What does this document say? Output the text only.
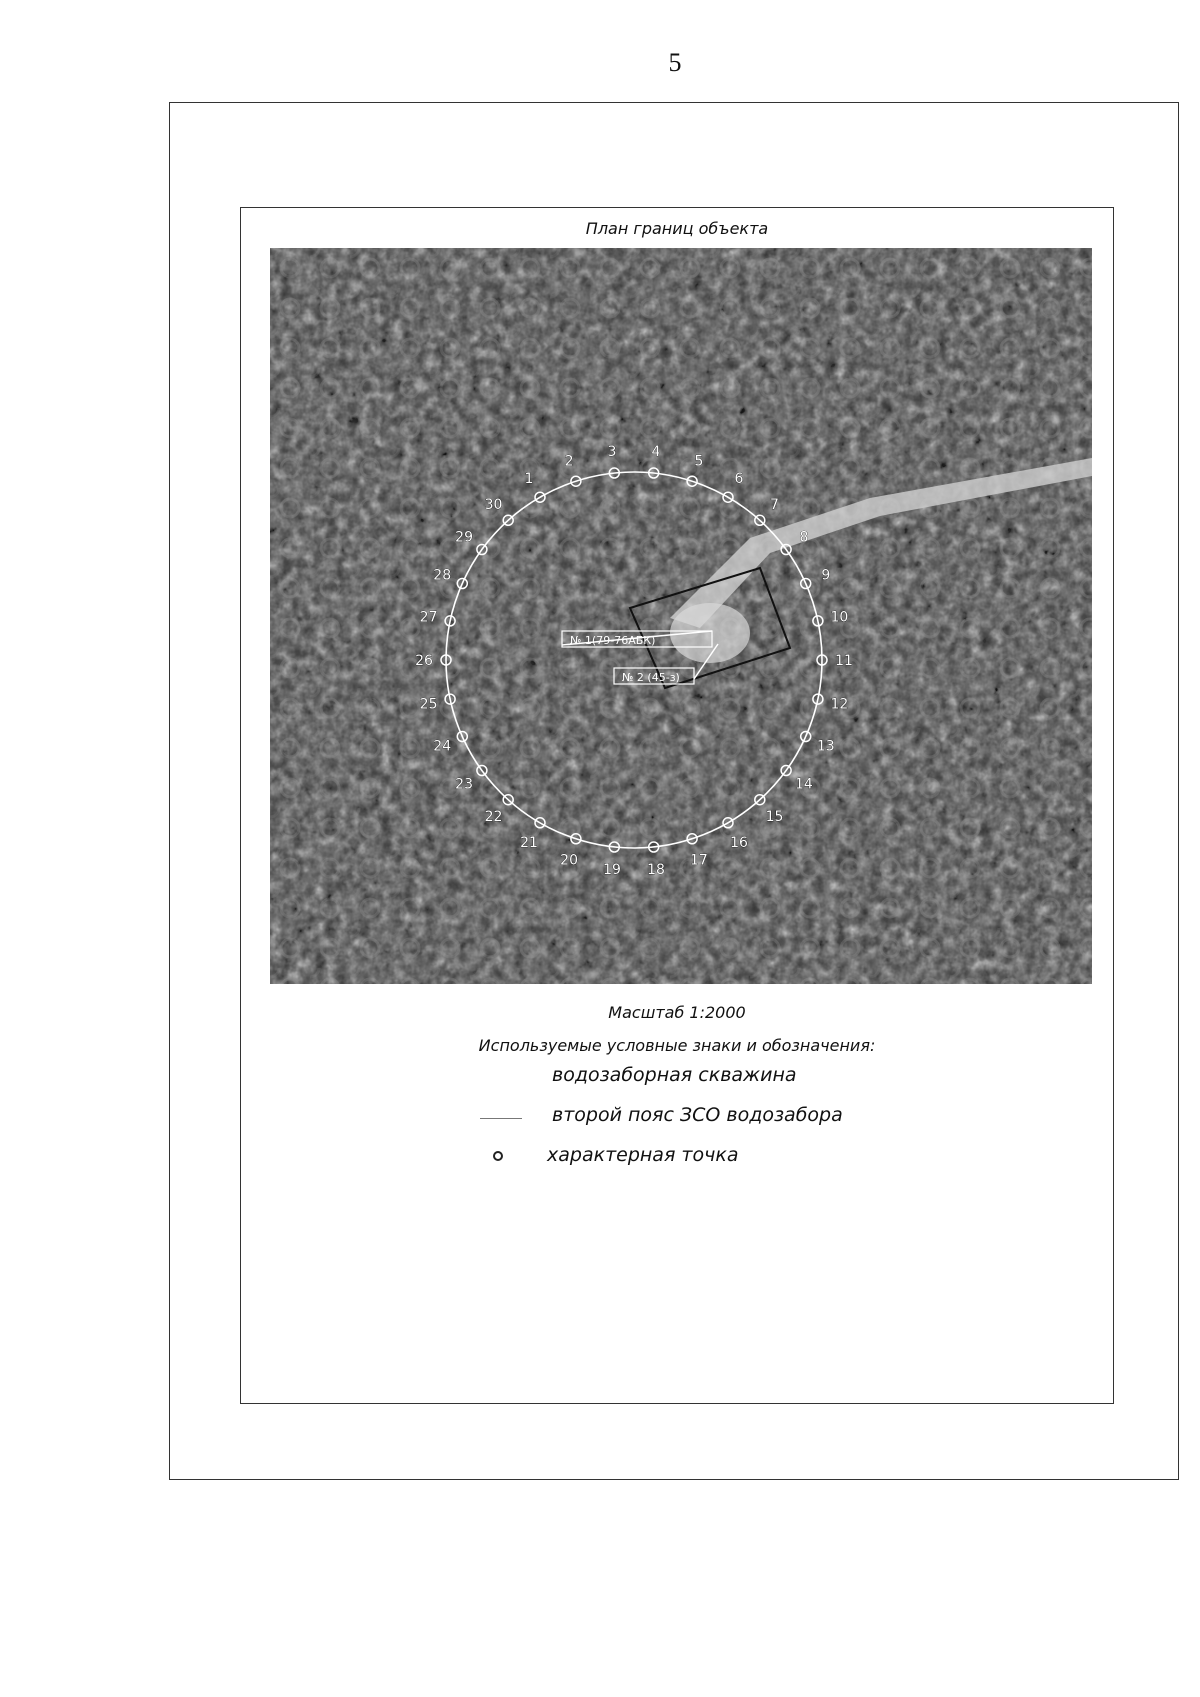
5
План границ объекта
1
2
3	4
5
6
7
8
9
10
11
12
13
14
15
16
17
18
19
20
21
22
23
24
25
26
27
28
29
30
№ 1(79-76АБК)
№ 2 (45-з)
Масштаб 1:2000
Используемые условные знаки и обозначения:
водозаборная скважина
второй пояс ЗСО водозабора
характерная точка
